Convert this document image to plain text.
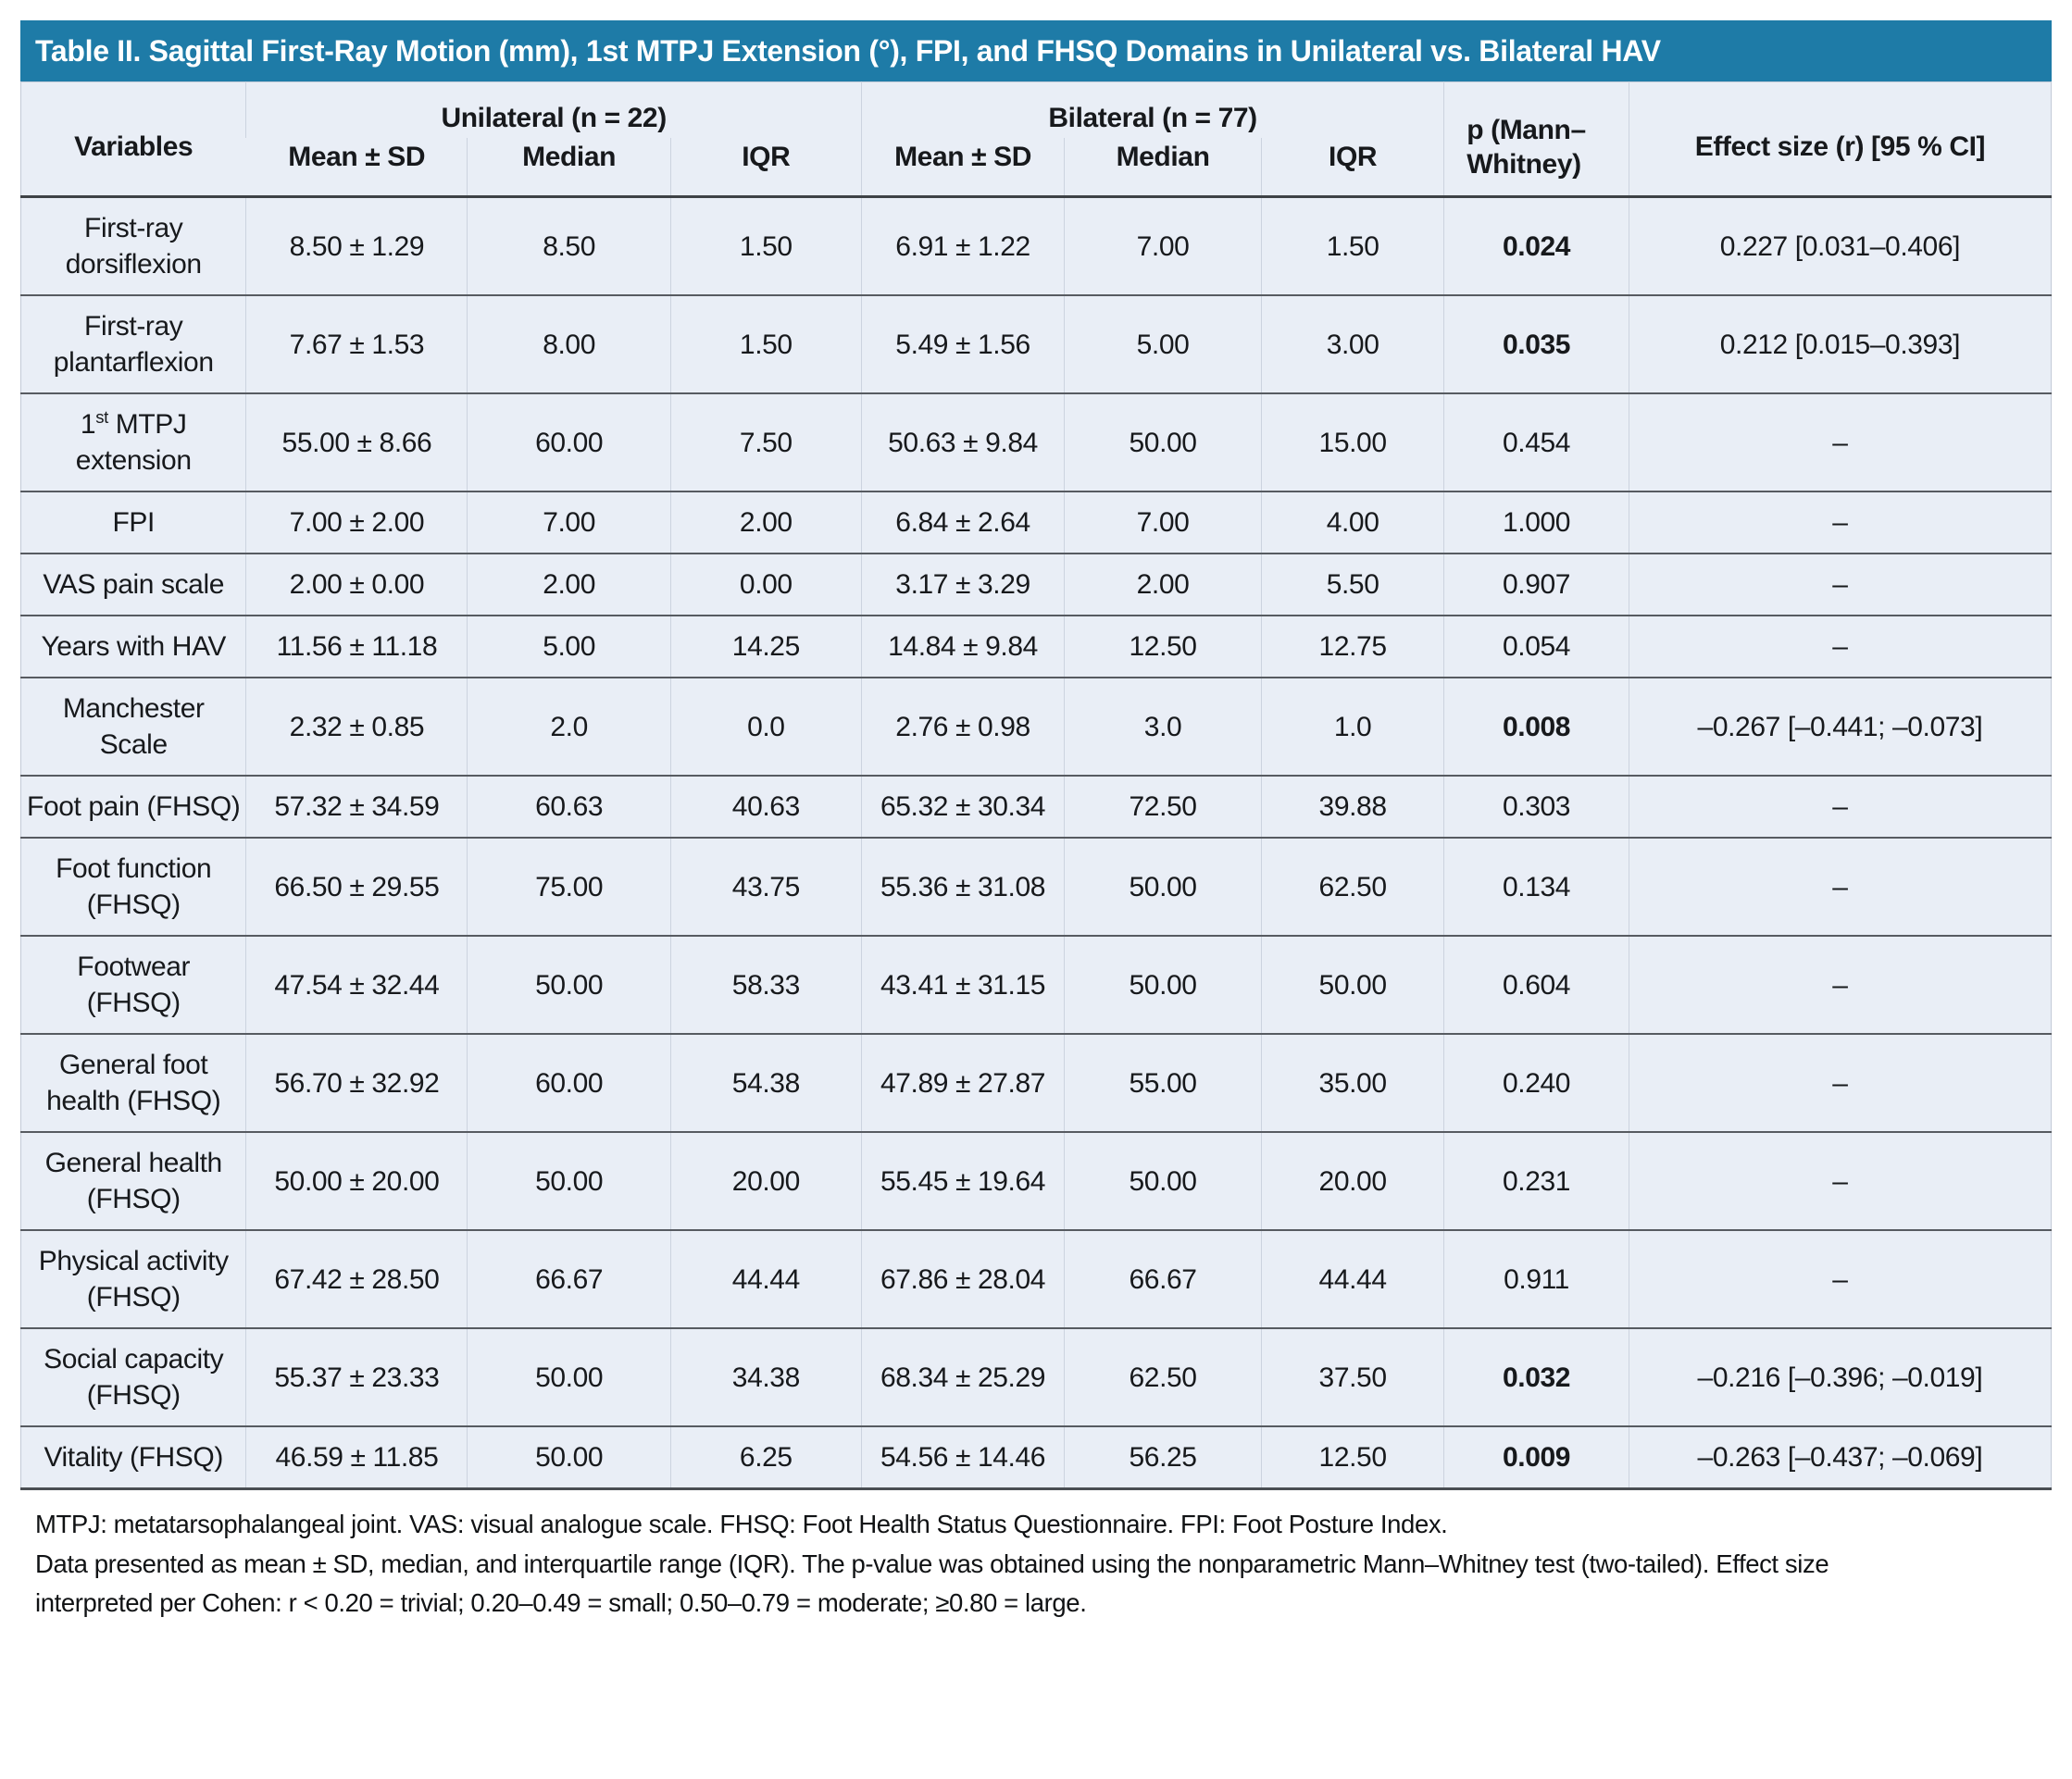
Table II. Sagittal First-Ray Motion (mm), 1st MTPJ Extension (°), FPI, and FHSQ Domains in Unilateral vs. Bilateral HAV
Variables	Unilateral (n = 22)			Bilateral (n = 77)			p (Mann–Whitney)	Effect size (r) [95 % CI]
	Mean ± SD	Median	IQR	Mean ± SD	Median	IQR		
First-ray dorsiflexion	8.50 ± 1.29	8.50	1.50	6.91 ± 1.22	7.00	1.50	0.024	0.227 [0.031–0.406]
First-ray plantarflexion	7.67 ± 1.53	8.00	1.50	5.49 ± 1.56	5.00	3.00	0.035	0.212 [0.015–0.393]
1st MTPJ extension	55.00 ± 8.66	60.00	7.50	50.63 ± 9.84	50.00	15.00	0.454	–
FPI	7.00 ± 2.00	7.00	2.00	6.84 ± 2.64	7.00	4.00	1.000	–
VAS pain scale	2.00 ± 0.00	2.00	0.00	3.17 ± 3.29	2.00	5.50	0.907	–
Years with HAV	11.56 ± 11.18	5.00	14.25	14.84 ± 9.84	12.50	12.75	0.054	–
Manchester Scale	2.32 ± 0.85	2.0	0.0	2.76 ± 0.98	3.0	1.0	0.008	–0.267 [–0.441; –0.073]
Foot pain (FHSQ)	57.32 ± 34.59	60.63	40.63	65.32 ± 30.34	72.50	39.88	0.303	–
Foot function (FHSQ)	66.50 ± 29.55	75.00	43.75	55.36 ± 31.08	50.00	62.50	0.134	–
Footwear (FHSQ)	47.54 ± 32.44	50.00	58.33	43.41 ± 31.15	50.00	50.00	0.604	–
General foot health (FHSQ)	56.70 ± 32.92	60.00	54.38	47.89 ± 27.87	55.00	35.00	0.240	–
General health (FHSQ)	50.00 ± 20.00	50.00	20.00	55.45 ± 19.64	50.00	20.00	0.231	–
Physical activity (FHSQ)	67.42 ± 28.50	66.67	44.44	67.86 ± 28.04	66.67	44.44	0.911	–
Social capacity (FHSQ)	55.37 ± 23.33	50.00	34.38	68.34 ± 25.29	62.50	37.50	0.032	–0.216 [–0.396; –0.019]
Vitality (FHSQ)	46.59 ± 11.85	50.00	6.25	54.56 ± 14.46	56.25	12.50	0.009	–0.263 [–0.437; –0.069]
MTPJ: metatarsophalangeal joint. VAS: visual analogue scale. FHSQ: Foot Health Status Questionnaire. FPI: Foot Posture Index.
Data presented as mean ± SD, median, and interquartile range (IQR). The p-value was obtained using the nonparametric Mann–Whitney test (two-tailed). Effect size
interpreted per Cohen: r < 0.20 = trivial; 0.20–0.49 = small; 0.50–0.79 = moderate; ≥0.80 = large.
